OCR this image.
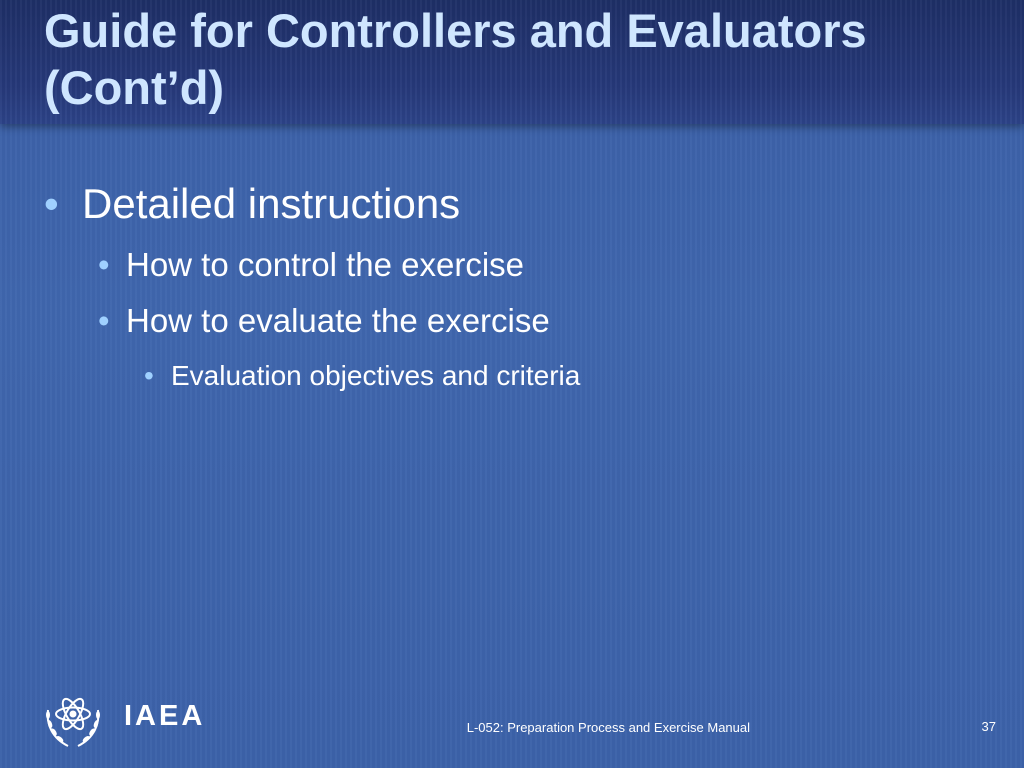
Guide for Controllers and Evaluators (Cont’d)
• Detailed instructions
• How to control the exercise
• How to evaluate the exercise
• Evaluation objectives and criteria
IAEA	L-052: Preparation Process and Exercise Manual	37
